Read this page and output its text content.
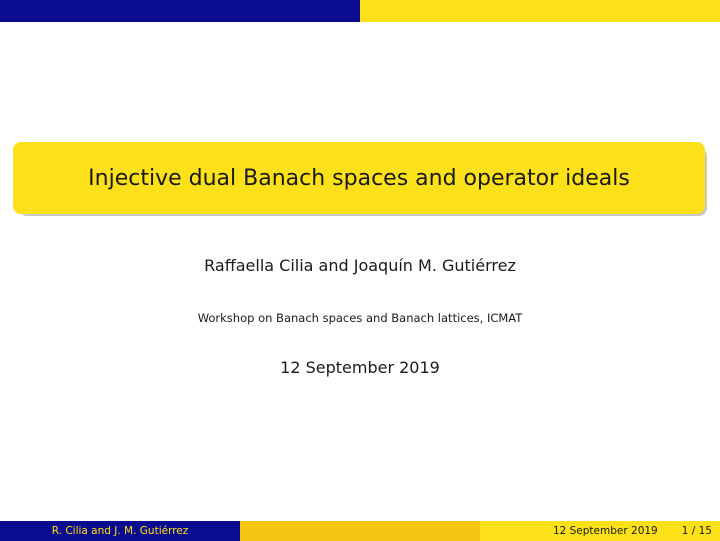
Injective dual Banach spaces and operator ideals
Raffaella Cilia and Joaquín M. Gutiérrez
Workshop on Banach spaces and Banach lattices, ICMAT
12 September 2019
R. Cilia and J. M. Gutiérrez	12 September 2019 1 / 15
